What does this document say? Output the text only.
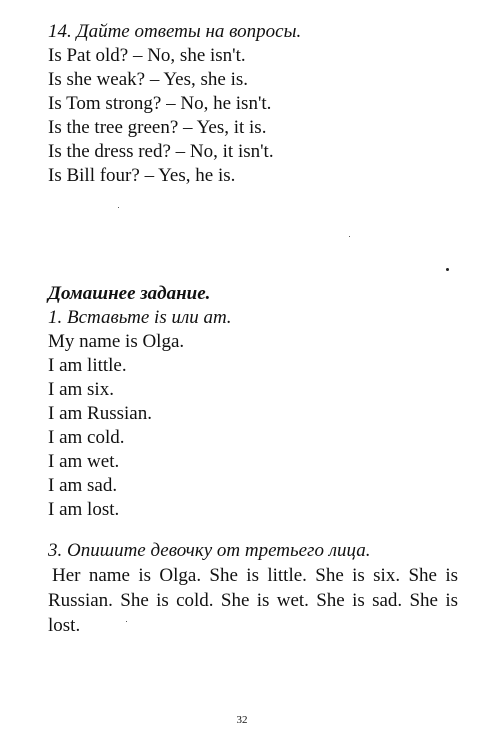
14. Дайте ответы на вопросы.
Is Pat old? – No, she isn't.
Is she weak? – Yes, she is.
Is Tom strong? – No, he isn't.
Is the tree green? – Yes, it is.
Is the dress red? – No, it isn't.
Is Bill four? – Yes, he is.
Домашнее задание.
1. Вставьте is или am.
My name is Olga.
I am little.
I am six.
I am Russian.
I am cold.
I am wet.
I am sad.
I am lost.
3. Опишите девочку от третьего лица.

Her name is Olga. She is little. She is six. She is Russian. She is cold. She is wet. She is sad. She is lost.

32
